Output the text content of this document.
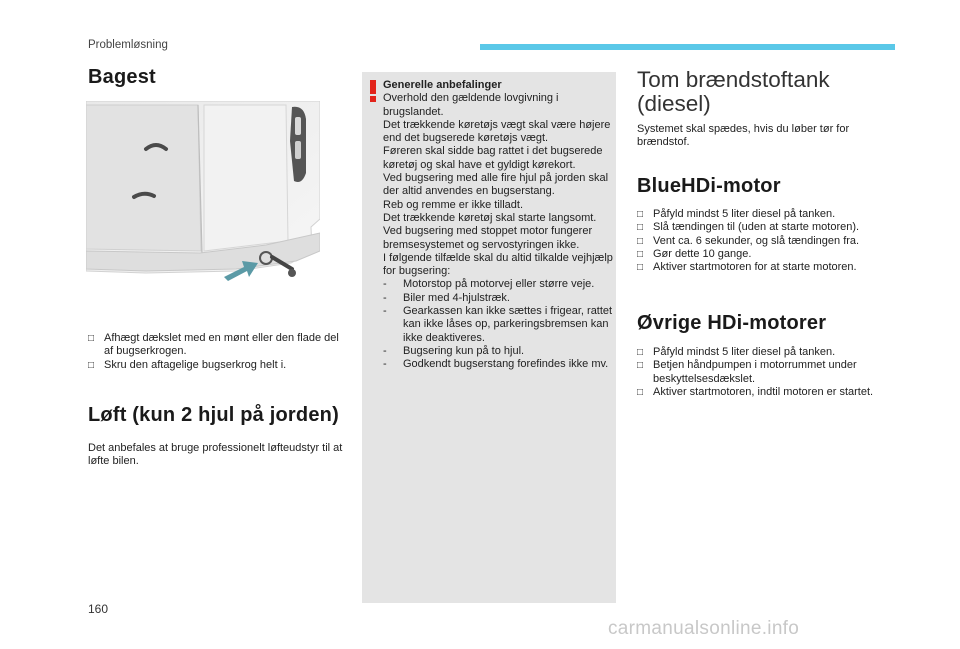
Problemløsning
Bagest
□ Afhægt dækslet med en mønt eller den flade del af bugserkrogen.
□ Skru den aftagelige bugserkrog helt i.
Løft (kun 2 hjul på jorden)
Det anbefales at bruge professionelt løfteudstyr til at løfte bilen.

Generelle anbefalinger

Overhold den gældende lovgivning i brugslandet.

Det trækkende køretøjs vægt skal være højere end det bugserede køretøjs vægt.

Føreren skal sidde bag rattet i det bugserede køretøj og skal have et gyldigt kørekort.

Ved bugsering med alle fire hjul på jorden skal der altid anvendes en bugserstang.

Reb og remme er ikke tilladt.

Det trækkende køretøj skal starte langsomt.

Ved bugsering med stoppet motor fungerer bremsesystemet og servostyringen ikke.

I følgende tilfælde skal du altid tilkalde vejhjælp for bugsering:

- Motorstop på motorvej eller større veje.
- Biler med 4-hjulstræk.
- Gearkassen kan ikke sættes i frigear, rattet kan ikke låses op, parkeringsbremsen kan ikke deaktiveres.
- Bugsering kun på to hjul.
- Godkendt bugserstang forefindes ikke mv.
Tom brændstoftank
(diesel)
Systemet skal spædes, hvis du løber tør for brændstof.
BlueHDi-motor
□ Påfyld mindst 5 liter diesel på tanken.
□ Slå tændingen til (uden at starte motoren).
□ Vent ca. 6 sekunder, og slå tændingen fra.
□ Gør dette 10 gange.
□ Aktiver startmotoren for at starte motoren.
Øvrige HDi-motorer
□ Påfyld mindst 5 liter diesel på tanken.
□ Betjen håndpumpen i motorrummet under beskyttelsesdækslet.
□ Aktiver startmotoren, indtil motoren er startet.
160
carmanualsonline.info
